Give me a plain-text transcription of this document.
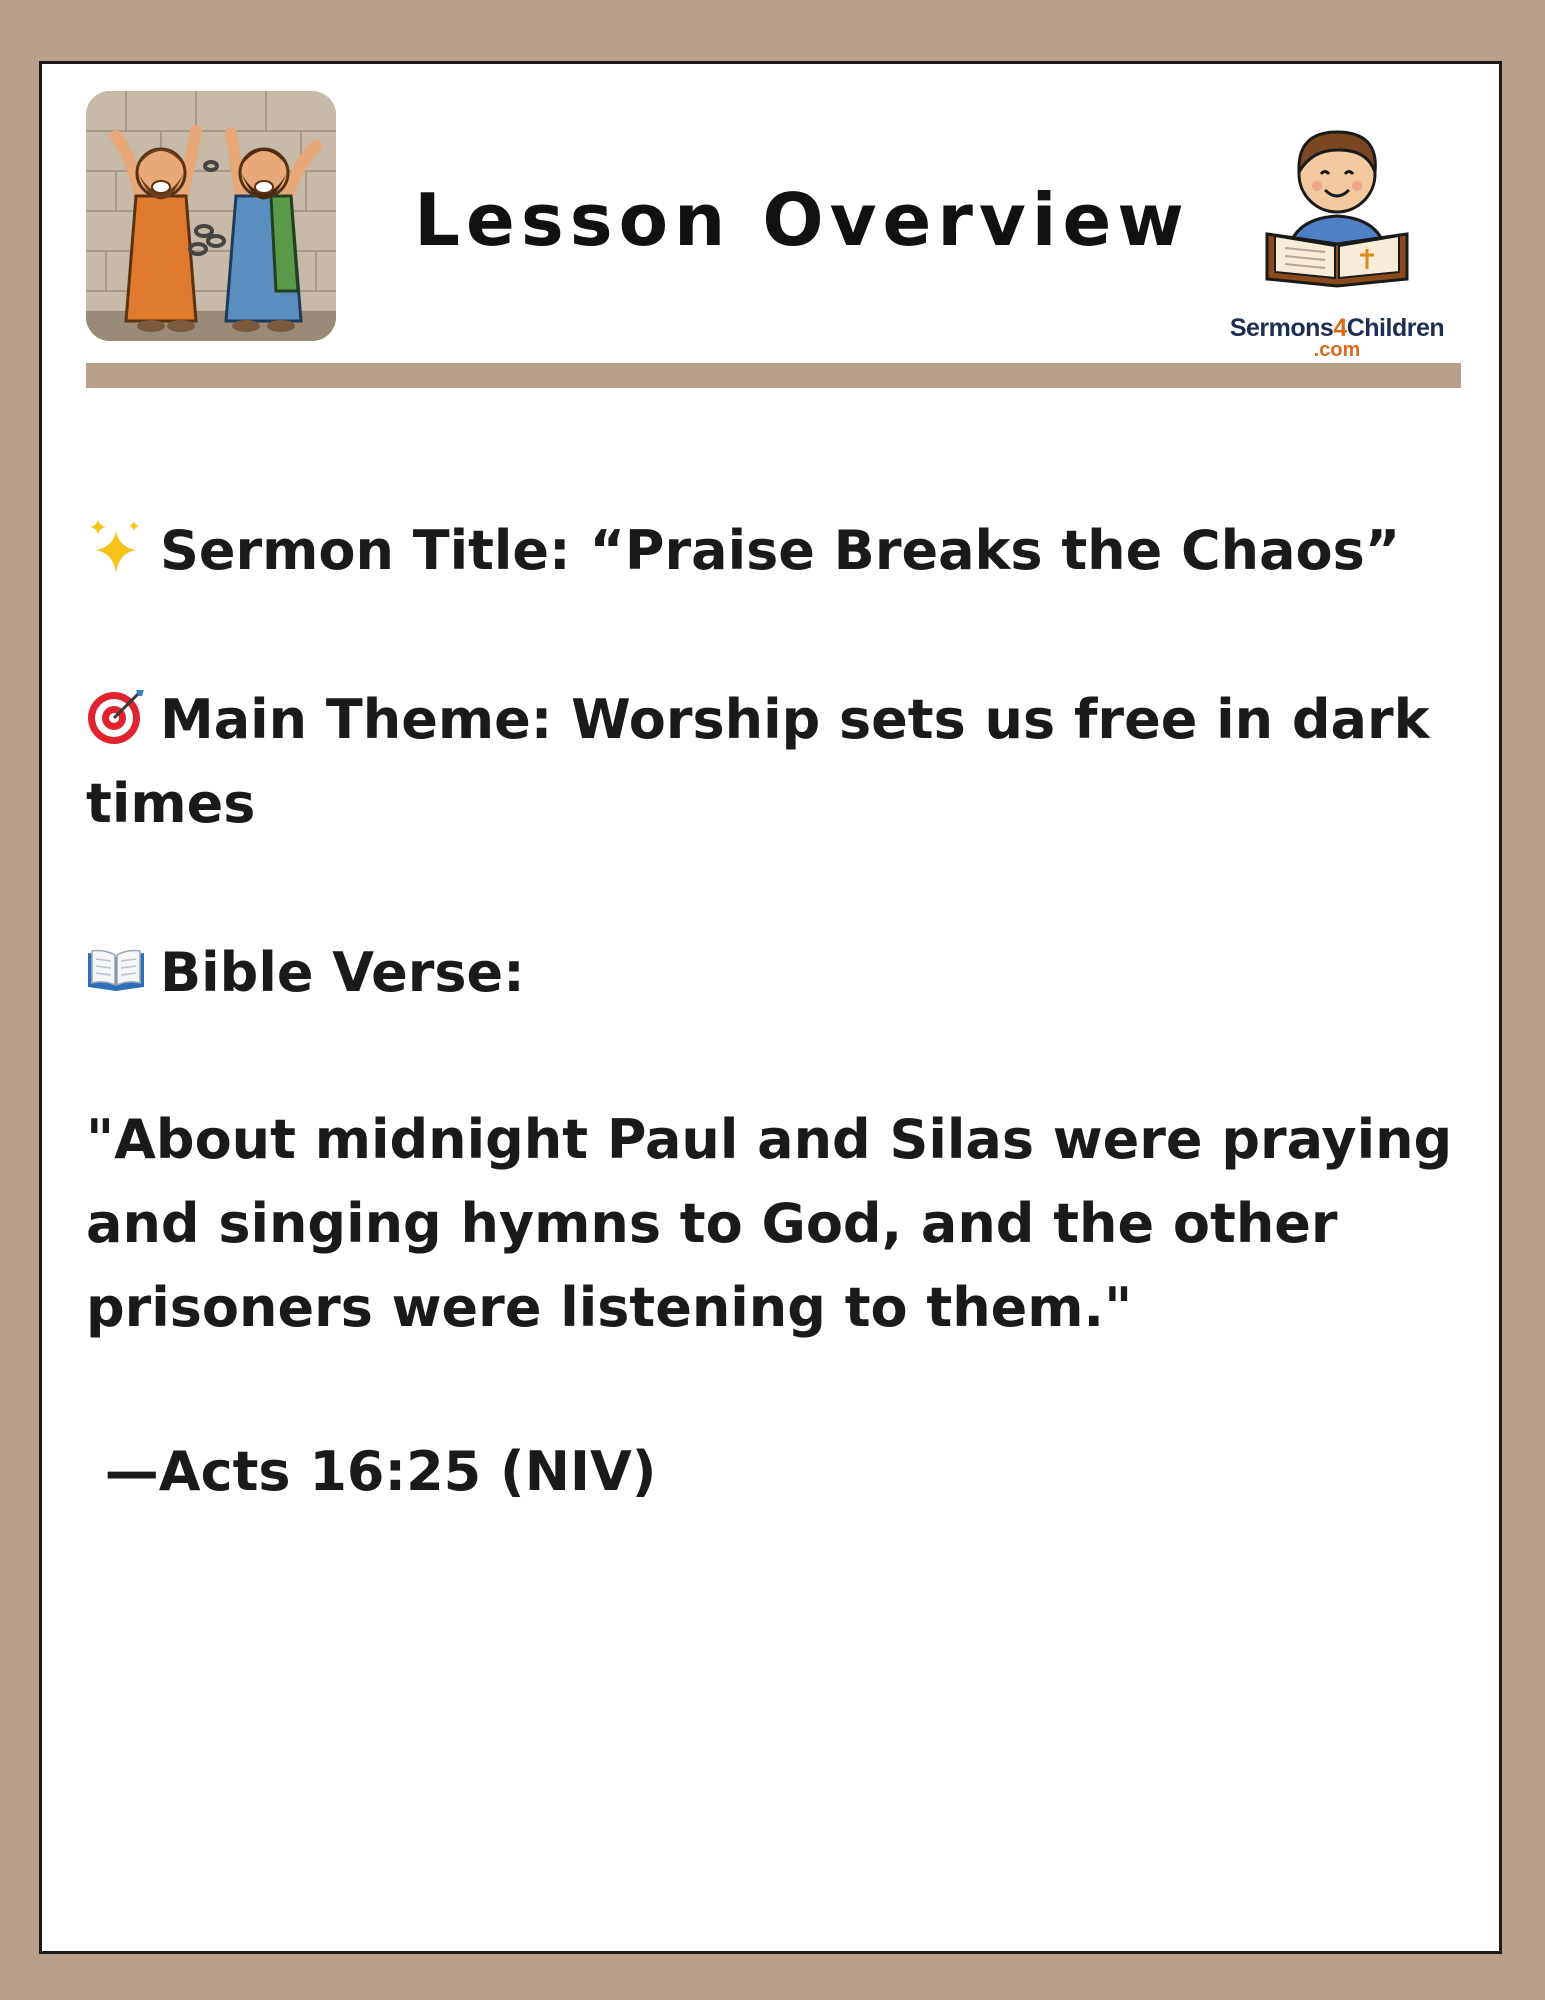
Lesson Overview
Sermons4Children
.com

Sermon Title: “Praise Breaks the Chaos”

Main Theme: Worship sets us free in dark times

Bible Verse:

"About midnight Paul and Silas were praying and singing hymns to God, and the other prisoners were listening to them."

—Acts 16:25 (NIV)
